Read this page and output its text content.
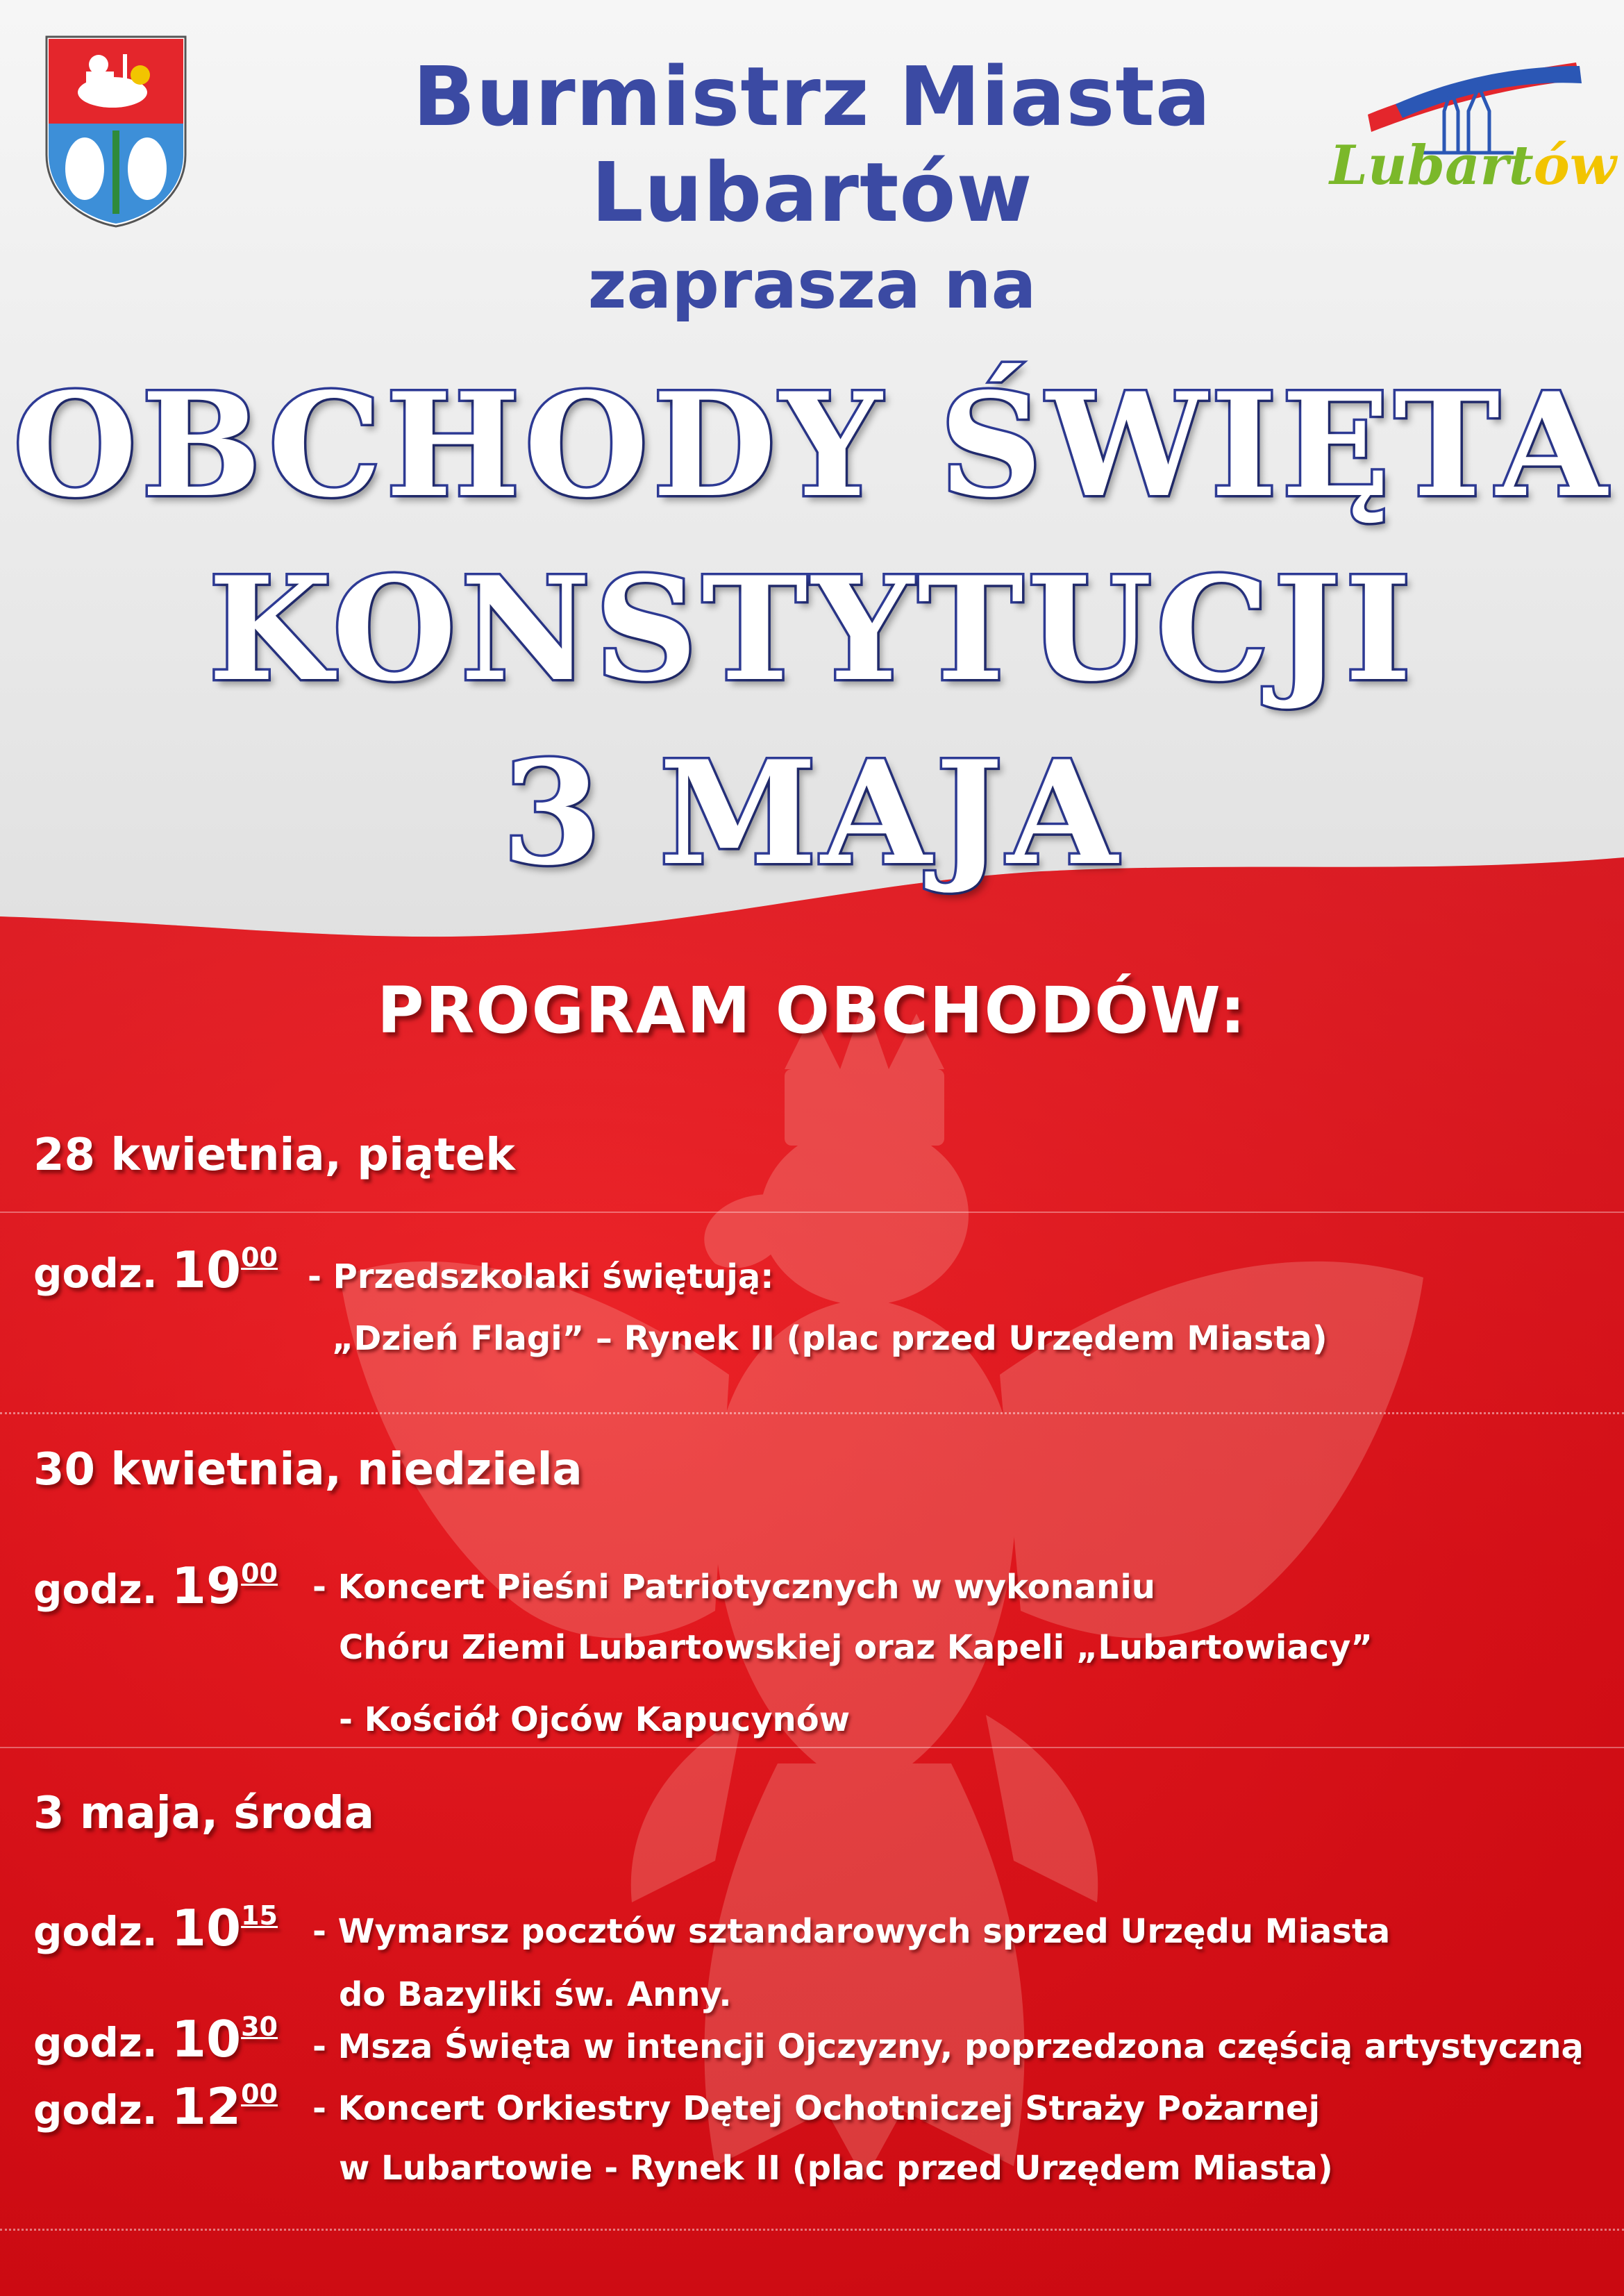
Lubartów
Burmistrz Miasta
Lubartów
zaprasza na
OBCHODY ŚWIĘTA
KONSTYTUCJI
3 MAJA
PROGRAM OBCHODÓW:
28 kwietnia, piątek
godz. $10^{00}$ - Przedszkolaki świętują:
„Dzień Flagi” – Rynek II (plac przed Urzędem Miasta)
30 kwietnia, niedziela
godz. $19^{00}$ - Koncert Pieśni Patriotycznych w wykonaniu
Chóru Ziemi Lubartowskiej oraz Kapeli „Lubartowiacy”
- Kościół Ojców Kapucynów
3 maja, środa
godz. $10^{15}$ - Wymarsz pocztów sztandarowych sprzed Urzędu Miasta
do Bazyliki św. Anny.
godz. $10^{30}$
- Msza Święta w intencji Ojczyzny, poprzedzona częścią artystyczną
godz. $12^{00}$ - Koncert Orkiestry Dętej Ochotniczej Straży Pożarnej
w Lubartowie - Rynek II (plac przed Urzędem Miasta)
